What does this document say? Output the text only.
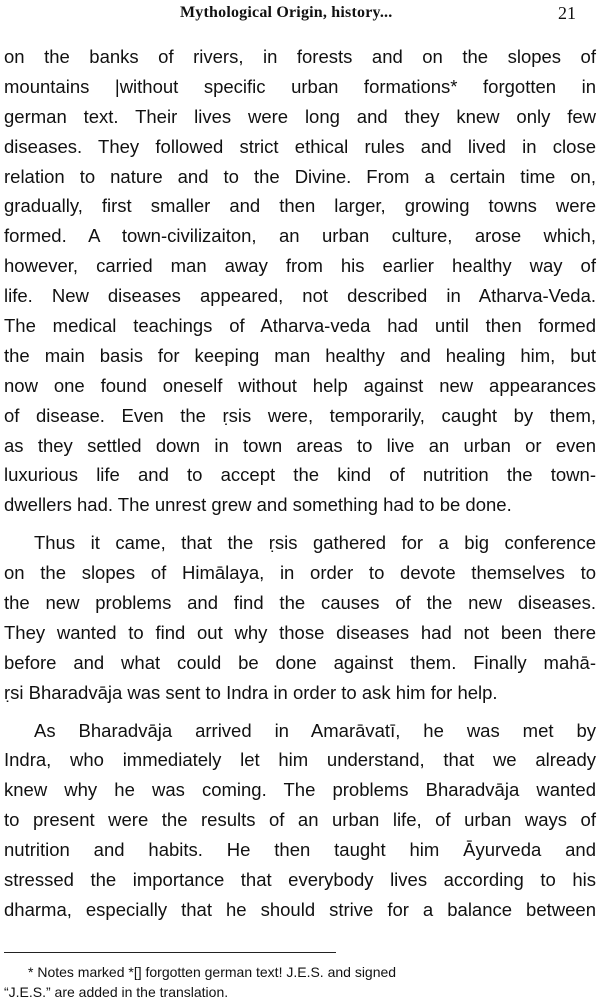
Mythological Origin, history...	21
on the banks of rivers, in forests and on the slopes of
mountains |without specific urban formations* forgotten in
german text. Their lives were long and they knew only few
diseases. They followed strict ethical rules and lived in close
relation to nature and to the Divine. From a certain time on,
gradually, first smaller and then larger, growing towns were
formed. A town-civilizaiton, an urban culture, arose which,
however, carried man away from his earlier healthy way of
life. New diseases appeared, not described in Atharva-Veda.
The medical teachings of Atharva-veda had until then formed
the main basis for keeping man healthy and healing him, but
now one found oneself without help against new appearances
of disease. Even the ṛsis were, temporarily, caught by them,
as they settled down in town areas to live an urban or even
luxurious life and to accept the kind of nutrition the town-
dwellers had. The unrest grew and something had to be done.
Thus it came, that the ṛsis gathered for a big conference
on the slopes of Himālaya, in order to devote themselves to
the new problems and find the causes of the new diseases.
They wanted to find out why those diseases had not been there
before and what could be done against them. Finally mahā-
ṛsi Bharadvāja was sent to Indra in order to ask him for help.
As Bharadvāja arrived in Amarāvatī, he was met by
Indra, who immediately let him understand, that we already
knew why he was coming. The problems Bharadvāja wanted
to present were the results of an urban life, of urban ways of
nutrition and habits. He then taught him Āyurveda and
stressed the importance that everybody lives according to his
dharma, especially that he should strive for a balance between
* Notes marked *[] forgotten german text! J.E.S. and signed
“J.E.S.” are added in the translation.
